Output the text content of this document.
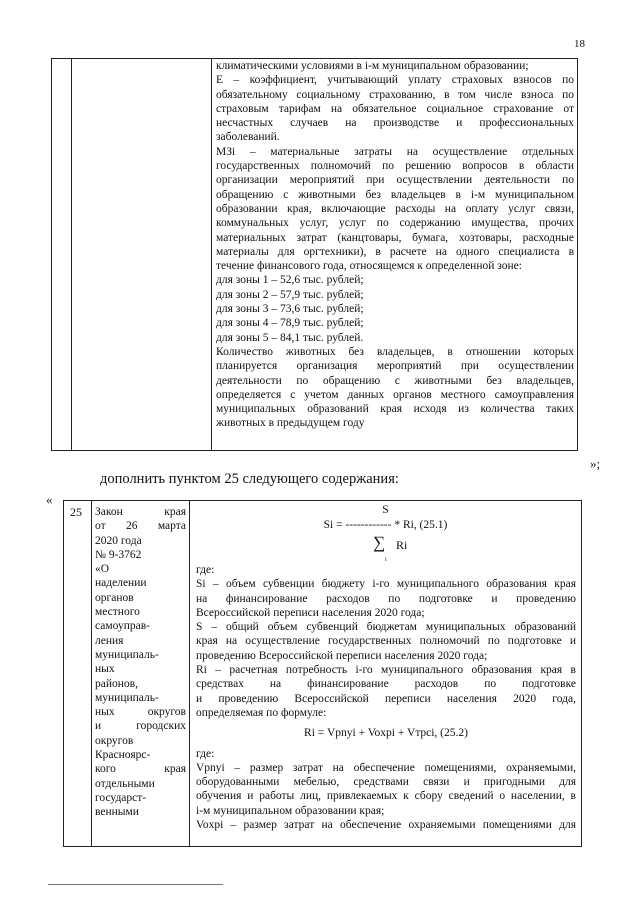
18
климатическими условиями в i-м муниципальном образовании;
Е – коэффициент, учитывающий уплату страховых взносов по
обязательному социальному страхованию, в том числе взноса по
страховым тарифам на обязательное социальное страхование от
несчастных случаев на производстве и профессиональных
заболеваний.
МЗi – материальные затраты на осуществление отдельных
государственных полномочий по решению вопросов в области
организации мероприятий при осуществлении деятельности по
обращению с животными без владельцев в i-м муниципальном
образовании края, включающие расходы на оплату услуг связи,
коммунальных услуг, услуг по содержанию имущества, прочих
материальных затрат (канцтовары, бумага, хозтовары, расходные
материалы для оргтехники), в расчете на одного специалиста в
течение финансового года, относящемся к определенной зоне:
для зоны 1 – 52,6 тыс. рублей;
для зоны 2 – 57,9 тыс. рублей;
для зоны 3 – 73,6 тыс. рублей;
для зоны 4 – 78,9 тыс. рублей;
для зоны 5 – 84,1 тыс. рублей.
Количество животных без владельцев, в отношении которых
планируется организация мероприятий при осуществлении
деятельности по обращению с животными без владельцев,
определяется с учетом данных органов местного самоуправления
муниципальных образований края исходя из количества таких
животных в предыдущем году
»;
дополнить пунктом 25 следующего содержания:
«
25 Закон края
от 26 марта
2020 года
№ 9-3762
«О
наделении
органов
местного
самоуправ-
ления
муниципаль-
ных
районов,
муниципаль-
ных округов
и городских
округов
Красноярс-
кого края
отдельными
государст-
венными
S
Si = ------------ * Ri, (25.1)
∑ Ri
i
где:
Si – объем субвенции бюджету i-го муниципального образования края
на финансирование расходов по подготовке и проведению
Всероссийской переписи населения 2020 года;
S – общий объем субвенций бюджетам муниципальных образований
края на осуществление государственных полномочий по подготовке и
проведению Всероссийской переписи населения 2020 года;
Ri – расчетная потребность i-го муниципального образования края в
средствах на финансирование расходов по подготовке
и проведению Всероссийской переписи населения 2020 года,
определяемая по формуле:
Ri = Vpnуi + Voхpi + Vтpci, (25.2)
где:
Vpnуi – размер затрат на обеспечение помещениями, охраняемыми,
оборудованными мебелью, средствами связи и пригодными для
обучения и работы лиц, привлекаемых к сбору сведений о населении, в
i-м муниципальном образовании края;
Voхpi – размер затрат на обеспечение охраняемыми помещениями для
